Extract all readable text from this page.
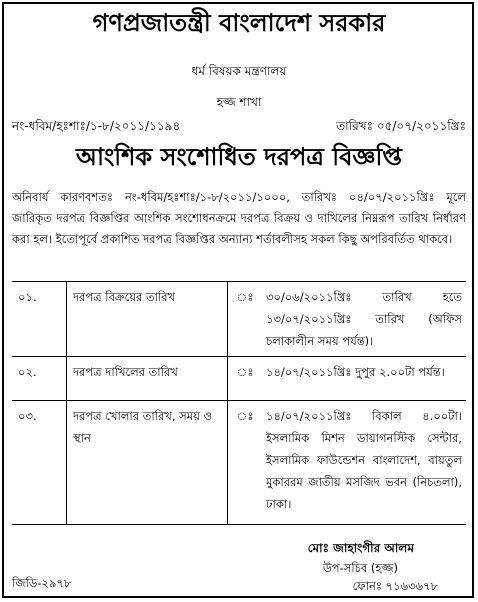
গণপ্রজাতন্ত্রী বাংলাদেশ সরকার
ধর্ম বিষয়ক মন্ত্রণালয়
হজ্জ শাখা
নং-ধবিম/হঃশাঃ/১-৮/২০১১/১১৯৪	তারিখঃ ০৫/০৭/২০১১খ্রিঃ
আংশিক সংশোধিত দরপত্র বিজ্ঞপ্তি
অনিবার্য কারণবশতঃ নং-ধবিম/হঃশাঃ/১-৮/২০১১/১০০০, তারিখঃ ০৪/০৭/২০১১খ্রিঃ মূলে জারিকৃত দরপত্র বিজ্ঞপ্তির আংশিক সংশোধনক্রমে দরপত্র বিক্রয় ও দাখিলের নিম্নরূপ তারিখ নির্ধারণ করা হল। ইতোপূর্বে প্রকাশিত দরপত্র বিজ্ঞপ্তির অন্যান্য শর্তাবলীসহ সকল কিছু অপরিবর্তিত থাকবে।
০১.	দরপত্র বিক্রয়ের তারিখ	ঃ	৩০/০৬/২০১১খ্রিঃ তারিখ হতে ১৩/০৭/২০১১খ্রিঃ তারিখ (অফিস চলাকালীন সময় পর্যন্ত)।
০২.	দরপত্র দাখিলের তারিখ	ঃ	১৪/০৭/২০১১খ্রিঃ দুপুর ২.০০টা পর্যন্ত।
০৩.	দরপত্র খোলার তারিখ, সময় ও স্থান	ঃ	১৪/০৭/২০১১খ্রিঃ বিকাল ৪.০০টা। ইসলামিক মিশন ডায়াগনস্টিক সেন্টার, ইসলামিক ফাউন্ডেশন বাংলাদেশ, বায়তুল মুকাররম জাতীয় মসজিদ ভবন (নিচতলা), ঢাকা।
মোঃ জাহাংগীর আলম
উপ-সচিব (হজ্জ)
ফোনঃ ৭১৬৩৬৭৮
জিডি-২৯৭৮
